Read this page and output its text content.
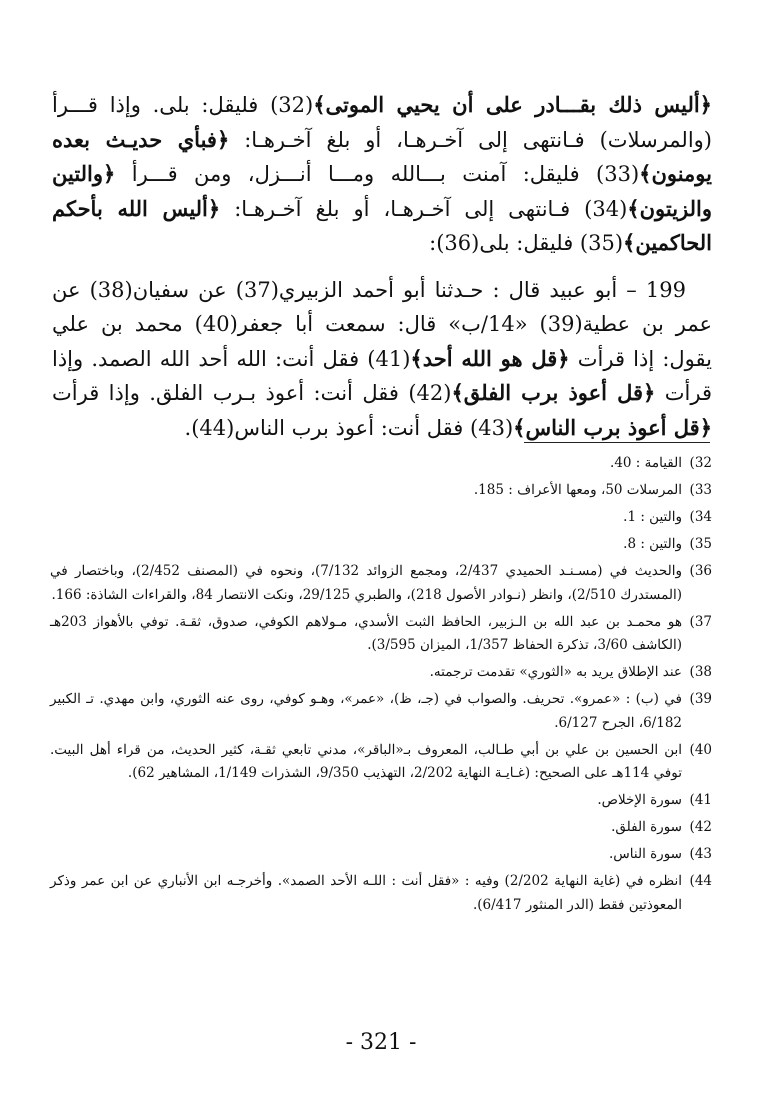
﴿أليس ذلك بقـــادر على أن يحيي الموتى﴾(32) فليقل: بلى. وإذا قـــرأ (والمرسلات) فـانتهى إلى آخـرهـا، أو بلغ آخـرهـا: ﴿فبأي حديـث بعده يومنون﴾(33) فليقل: آمنت بـــالله ومـــا أنـــزل، ومن قـــرأ ﴿والتين والزيتون﴾(34) فـانتهى إلى آخـرهـا، أو بلغ آخـرهـا: ﴿أليس الله بأحكم الحاكمين﴾(35) فليقل: بلى(36):

199 – أبو عبيد قال : حـدثنا أبو أحمد الزبيري(37) عن سفيان(38) عن عمر بن عطية(39) «14/ب» قال: سمعت أبا جعفر(40) محمد بن علي يقول: إذا قرأت ﴿قل هو الله أحد﴾(41) فقل أنت: الله أحد الله الصمد. وإذا قرأت ﴿قل أعوذ برب الفلق﴾(42) فقل أنت: أعوذ بـرب الفلق. وإذا قرأت ﴿قل أعوذ برب الناس﴾(43) فقل أنت: أعوذ برب الناس(44).

32)
القيامة : 40.
33)
المرسلات 50، ومعها الأعراف : 185.
34)
والتين : 1.
35)
والتين : 8.
36)
والحديث في (مسـنـد الحميدي 2/437، ومجمع الزوائد 7/132)، ونحوه في (المصنف 2/452)، وباختصار في (المستدرك 2/510)، وانظر (نـوادر الأصول 218)، والطبري 29/125، ونكت الانتصار 84، والقراءات الشاذة: 166.
37)
هو محمـد بن عبد الله بن الـزبير، الحافظ الثبت الأسدي، مـولاهم الكوفي، صدوق، ثقـة. توفي بالأهواز 203هـ (الكاشف 3/60، تذكرة الحفاظ 1/357، الميزان 3/595).
38)
عند الإطلاق يريد به «الثوري» تقدمت ترجمته.
39)
في (ب) : «عمرو». تحريف. والصواب في (جـ، ظ)، «عمر»، وهـو كوفي، روى عنه الثوري، وابن مهدي. تـ الكبير 6/182، الجرح 6/127.
40)
ابن الحسين بن علي بن أبي طـالب، المعروف بـ«الباقر»، مدني تابعي ثقـة، كثير الحديث، من قراء أهل البيت. توفي 114هـ على الصحيح: (غـايـة النهاية 2/202، التهذيب 9/350، الشذرات 1/149، المشاهير 62).
41)
سورة الإخلاص.
42)
سورة الفلق.
43)
سورة الناس.
44)
انظره في (غاية النهاية 2/202) وفيه : «فقل أنت : اللـه الأحد الصمد». وأخرجـه ابن الأنباري عن ابن عمر وذكر المعوذتين فقط (الدر المنثور 6/417).
- 321 -
